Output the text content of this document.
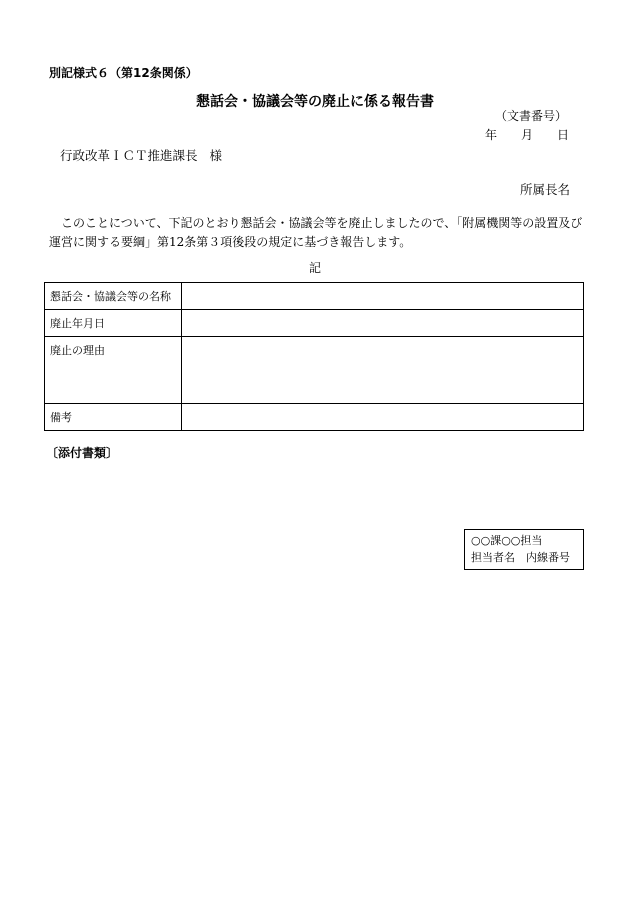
別記様式６（第12条関係）

懇話会・協議会等の廃止に係る報告書

（文書番号）

年 月 日

行政改革ＩＣＴ推進課長 様

所属長名

このことについて、下記のとおり懇話会・協議会等を廃止しましたので、「附属機関等の設置及び運営に関する要綱」第12条第３項後段の規定に基づき報告します。

記

懇話会・協議会等の名称	
廃止年月日	
廃止の理由	
備考	

〔添付書類〕

○○課○○担当
担当者名　内線番号
